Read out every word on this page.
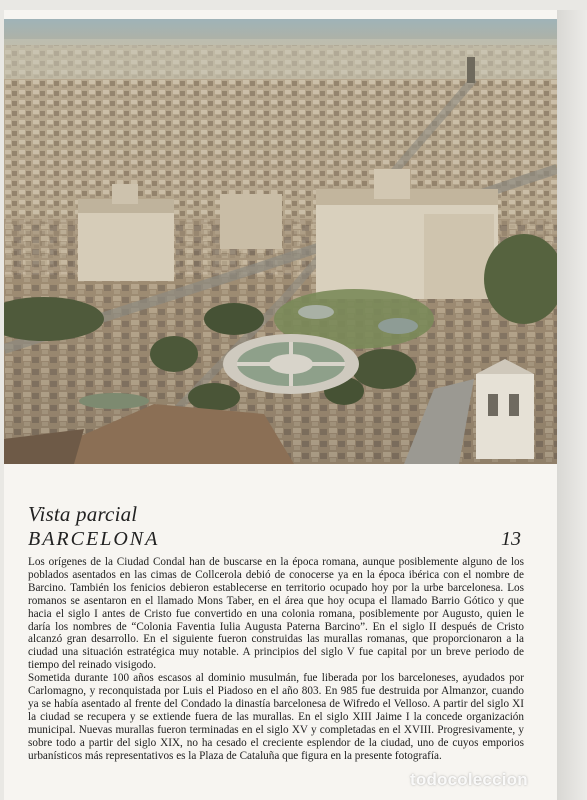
Vista parcial
BARCELONA	13

Los orígenes de la Ciudad Condal han de buscarse en la época romana, aunque posiblemente alguno de los poblados asentados en las cimas de Collcerola debió de conocerse ya en la época ibérica con el nombre de Barcino. También los fenicios debieron establecerse en territorio ocupado hoy por la urbe barcelonesa. Los romanos se asentaron en el llamado Mons Taber, en el área que hoy ocupa el llamado Barrio Gótico y que hacia el siglo I antes de Cristo fue convertido en una colonia romana, posiblemente por Augusto, quien le daría los nombres de “Colonia Faventia Iulia Augusta Paterna Barcino”. En el siglo II después de Cristo alcanzó gran desarrollo. En el siguiente fueron construidas las murallas romanas, que proporcionaron a la ciudad una situación estratégica muy notable. A principios del siglo V fue capital por un breve periodo de tiempo del reinado visigodo.

Sometida durante 100 años escasos al dominio musulmán, fue liberada por los barceloneses, ayudados por Carlomagno, y reconquistada por Luis el Piadoso en el año 803. En 985 fue destruida por Almanzor, cuando ya se había asentado al frente del Condado la dinastía barcelonesa de Wifredo el Velloso. A partir del siglo XI la ciudad se recupera y se extiende fuera de las murallas. En el siglo XIII Jaime I la concede organización municipal. Nuevas murallas fueron terminadas en el siglo XV y completadas en el XVIII. Progresivamente, y sobre todo a partir del siglo XIX, no ha cesado el creciente esplendor de la ciudad, uno de cuyos emporios urbanísticos más representativos es la Plaza de Cataluña que figura en la presente fotografía.

todocoleccion
